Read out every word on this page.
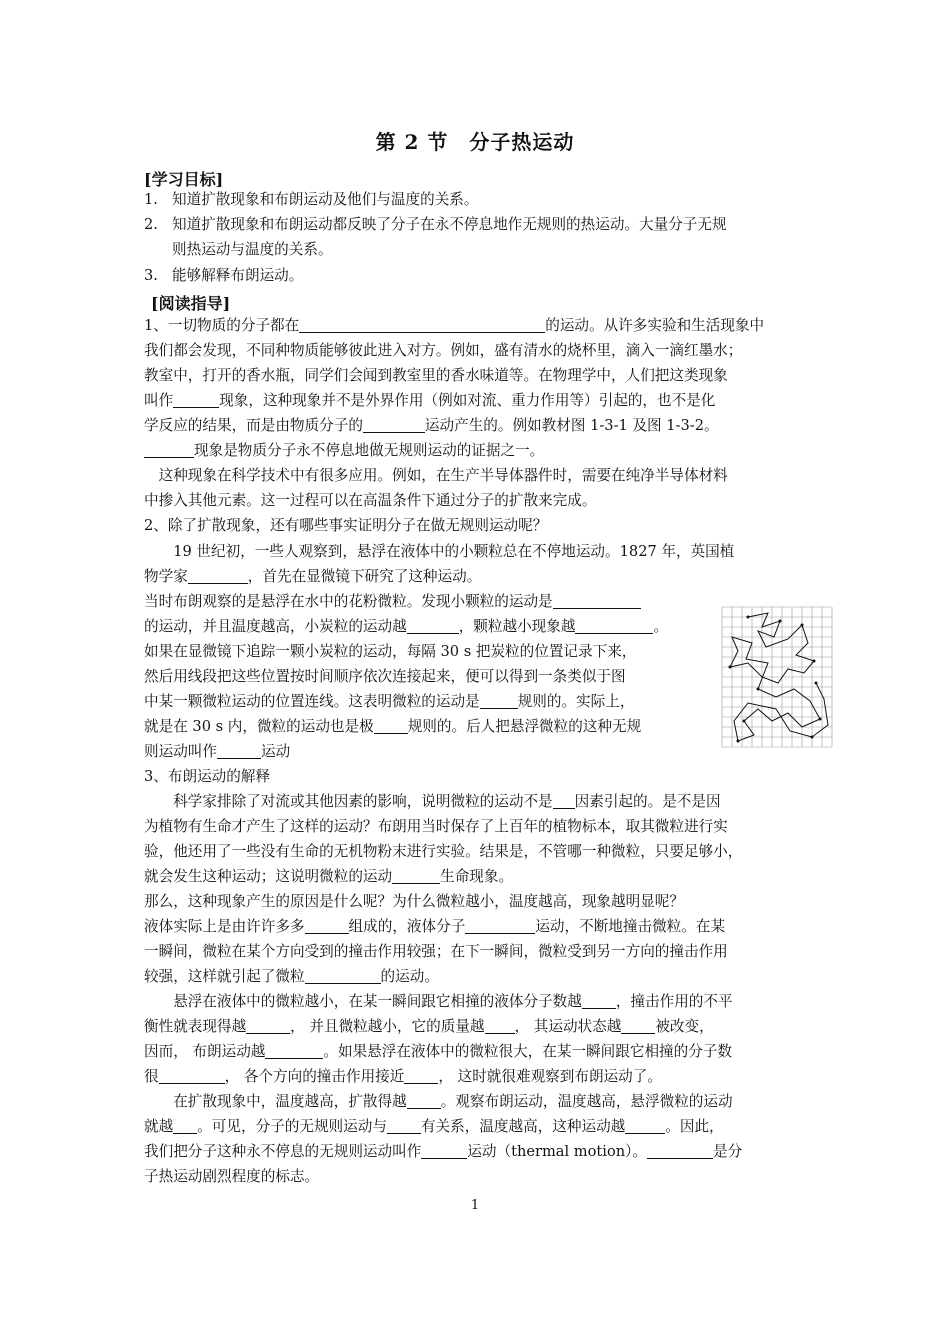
第 2 节　分子热运动
[学习目标]
1. 知道扩散现象和布朗运动及他们与温度的关系。
2. 知道扩散现象和布朗运动都反映了分子在永不停息地作无规则的热运动。大量分子无规
则热运动与温度的关系。
3. 能够解释布朗运动。
[阅读指导]
1、一切物质的分子都在	的运动。从许多实验和生活现象中
我们都会发现，不同种物质能够彼此进入对方。例如，盛有清水的烧杯里，滴入一滴红墨水；
教室中，打开的香水瓶，同学们会闻到教室里的香水味道等。在物理学中，人们把这类现象
叫作	现象，这种现象并不是外界作用（例如对流、重力作用等）引起的，也不是化
学反应的结果，而是由物质分子的	运动产生的。例如教材图 1-3-1 及图 1-3-2。
现象是物质分子永不停息地做无规则运动的证据之一。
　这种现象在科学技术中有很多应用。例如，在生产半导体器件时，需要在纯净半导体材料
中掺入其他元素。这一过程可以在高温条件下通过分子的扩散来完成。
2、除了扩散现象，还有哪些事实证明分子在做无规则运动呢？
　　19 世纪初，一些人观察到，悬浮在液体中的小颗粒总在不停地运动。1827 年，英国植
物学家	，首先在显微镜下研究了这种运动。
当时布朗观察的是悬浮在水中的花粉微粒。发现小颗粒的运动是
的运动，并且温度越高，小炭粒的运动越	，颗粒越小现象越	。
如果在显微镜下追踪一颗小炭粒的运动，每隔 30 s 把炭粒的位置记录下来，
然后用线段把这些位置按时间顺序依次连接起来，便可以得到一条类似于图
中某一颗微粒运动的位置连线。这表明微粒的运动是	规则的。实际上，
就是在 30 s 内，微粒的运动也是极 规则的。后人把悬浮微粒的这种无规
则运动叫作	运动
3、布朗运动的解释
　　科学家排除了对流或其他因素的影响，说明微粒的运动不是 因素引起的。是不是因
为植物有生命才产生了这样的运动？布朗用当时保存了上百年的植物标本，取其微粒进行实
验，他还用了一些没有生命的无机物粉末进行实验。结果是，不管哪一种微粒，只要足够小，
就会发生这种运动；这说明微粒的运动	生命现象。
那么，这种现象产生的原因是什么呢？为什么微粒越小，温度越高，现象越明显呢？
液体实际上是由许许多多	组成的，液体分子	运动，不断地撞击微粒。在某
一瞬间，微粒在某个方向受到的撞击作用较强；在下一瞬间，微粒受到另一方向的撞击作用
较强，这样就引起了微粒	的运动。
　　悬浮在液体中的微粒越小，在某一瞬间跟它相撞的液体分子数越 ，撞击作用的不平
衡性就表现得越	， 并且微粒越小，它的质量越 ， 其运动状态越 被改变，
因而， 布朗运动越	。如果悬浮在液体中的微粒很大，在某一瞬间跟它相撞的分子数
很	， 各个方向的撞击作用接近 ， 这时就很难观察到布朗运动了。
　　在扩散现象中，温度越高，扩散得越 。观察布朗运动，温度越高，悬浮微粒的运动
就越 。可见，分子的无规则运动与 有关系，温度越高，这种运动越	。因此，
我们把分子这种永不停息的无规则运动叫作	运动（thermal motion）。	是分
子热运动剧烈程度的标志。
1
